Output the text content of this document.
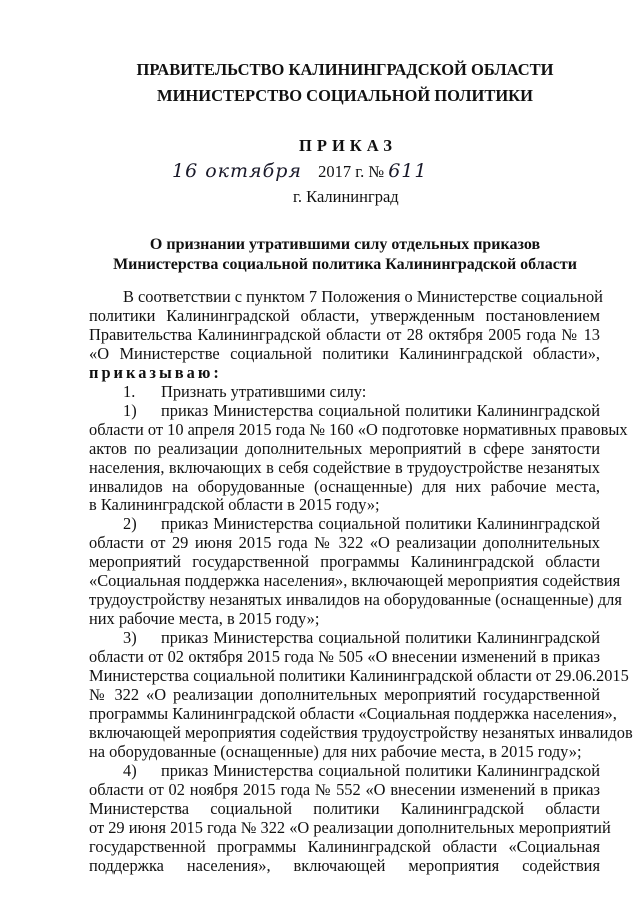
ПРАВИТЕЛЬСТВО КАЛИНИНГРАДСКОЙ ОБЛАСТИ
МИНИСТЕРСТВО СОЦИАЛЬНОЙ ПОЛИТИКИ
ПРИКАЗ
16 октября 2017 г. № 611
г. Калининград
О признании утратившими силу отдельных приказов
Министерства социальной политика Калининградской области
В соответствии с пунктом 7 Положения о Министерстве социальной
политики Калининградской области, утвержденным постановлением
Правительства Калининградской области от 28 октября 2005 года № 13
«О Министерстве социальной политики Калининградской области»,
приказываю:
1.	Признать утратившими силу:
1)	приказ Министерства социальной политики Калининградской
области от 10 апреля 2015 года № 160 «О подготовке нормативных правовых
актов по реализации дополнительных мероприятий в сфере занятости
населения, включающих в себя содействие в трудоустройстве незанятых
инвалидов на оборудованные (оснащенные) для них рабочие места,
в Калининградской области в 2015 году»;
2)	приказ Министерства социальной политики Калининградской
области от 29 июня 2015 года № 322 «О реализации дополнительных
мероприятий государственной программы Калининградской области
«Социальная поддержка населения», включающей мероприятия содействия
трудоустройству незанятых инвалидов на оборудованные (оснащенные) для
них рабочие места, в 2015 году»;
3)	приказ Министерства социальной политики Калининградской
области от 02 октября 2015 года № 505 «О внесении изменений в приказ
Министерства социальной политики Калининградской области от 29.06.2015
№ 322 «О реализации дополнительных мероприятий государственной
программы Калининградской области «Социальная поддержка населения»,
включающей мероприятия содействия трудоустройству незанятых инвалидов
на оборудованные (оснащенные) для них рабочие места, в 2015 году»;
4)	приказ Министерства социальной политики Калининградской
области от 02 ноября 2015 года № 552 «О внесении изменений в приказ
Министерства социальной политики Калининградской области
от 29 июня 2015 года № 322 «О реализации дополнительных мероприятий
государственной программы Калининградской области «Социальная
поддержка населения», включающей мероприятия содействия
